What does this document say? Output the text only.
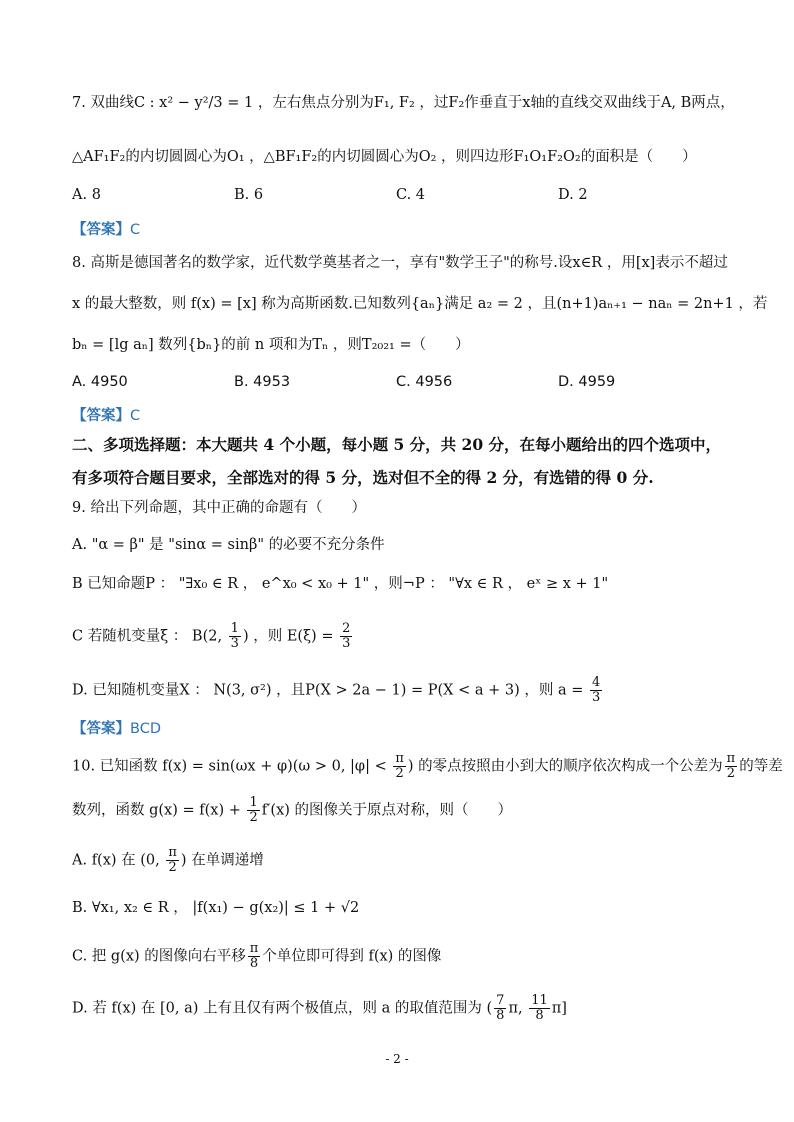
7. 双曲线C : x² − y²/3 = 1 ，左右焦点分别为F₁, F₂ ，过F₂作垂直于x轴的直线交双曲线于A, B两点，
△AF₁F₂的内切圆圆心为O₁ ，△BF₁F₂的内切圆圆心为O₂ ，则四边形F₁O₁F₂O₂的面积是（　　）
A. 8	B. 6	C. 4	D. 2
【答案】C
8. 高斯是德国著名的数学家，近代数学奠基者之一，享有"数学王子"的称号.设x∈R ，用[x]表示不超过
x 的最大整数，则 f(x) = [x] 称为高斯函数.已知数列{aₙ}满足 a₂ = 2 ，且(n+1)aₙ₊₁ − naₙ = 2n+1 ，若
bₙ = [lg aₙ] 数列{bₙ}的前 n 项和为Tₙ ，则T₂₀₂₁ =（　　）
A. 4950	B. 4953	C. 4956	D. 4959
【答案】C
二、多项选择题：本大题共 4 个小题，每小题 5 分，共 20 分，在每小题给出的四个选项中，
有多项符合题目要求，全部选对的得 5 分，选对但不全的得 2 分，有选错的得 0 分.
9. 给出下列命题，其中正确的命题有（　　）
A. "α = β" 是 "sinα = sinβ" 的必要不充分条件
B 已知命题P ： "∃x₀ ∈ R ， e^x₀ < x₀ + 1" ，则¬P ： "∀x ∈ R ， eˣ ≥ x + 1"
C 若随机变量ξ ： B(2, $\frac{1}{3}$ ) ，则 $E(\xi) = \frac{2}{3}$
D. 已知随机变量X ： N(3, σ²) ，且P(X > 2a − 1) = P(X < a + 3) ，则 $a = \frac{4}{3}$
【答案】BCD
10. 已知函数 f(x) = sin(ωx + φ)(ω > 0, $|\varphi| < \frac{\pi}{2}$ ) 的零点按照由小到大的顺序依次构成一个公差为 $\frac{\pi}{2}$ 的等差
数列，函数 $g(x) = f(x) + \frac{1}{2} f'(x)$ 的图像关于原点对称，则（　　）
A. f(x) 在 (0, $\frac{\pi}{2}$ ) 在单调递增
B. ∀x₁, x₂ ∈ R ， |f(x₁) − g(x₂)| ≤ 1 + √2
C. 把 g(x) 的图像向右平移 $\frac{\pi}{8}$ 个单位即可得到 f(x) 的图像
D. 若 f(x) 在 [0, a) 上有且仅有两个极值点，则 a 的取值范围为 ( $\frac{7}{8} \pi$, $\frac{11}{8} \pi$]
- 2 -
